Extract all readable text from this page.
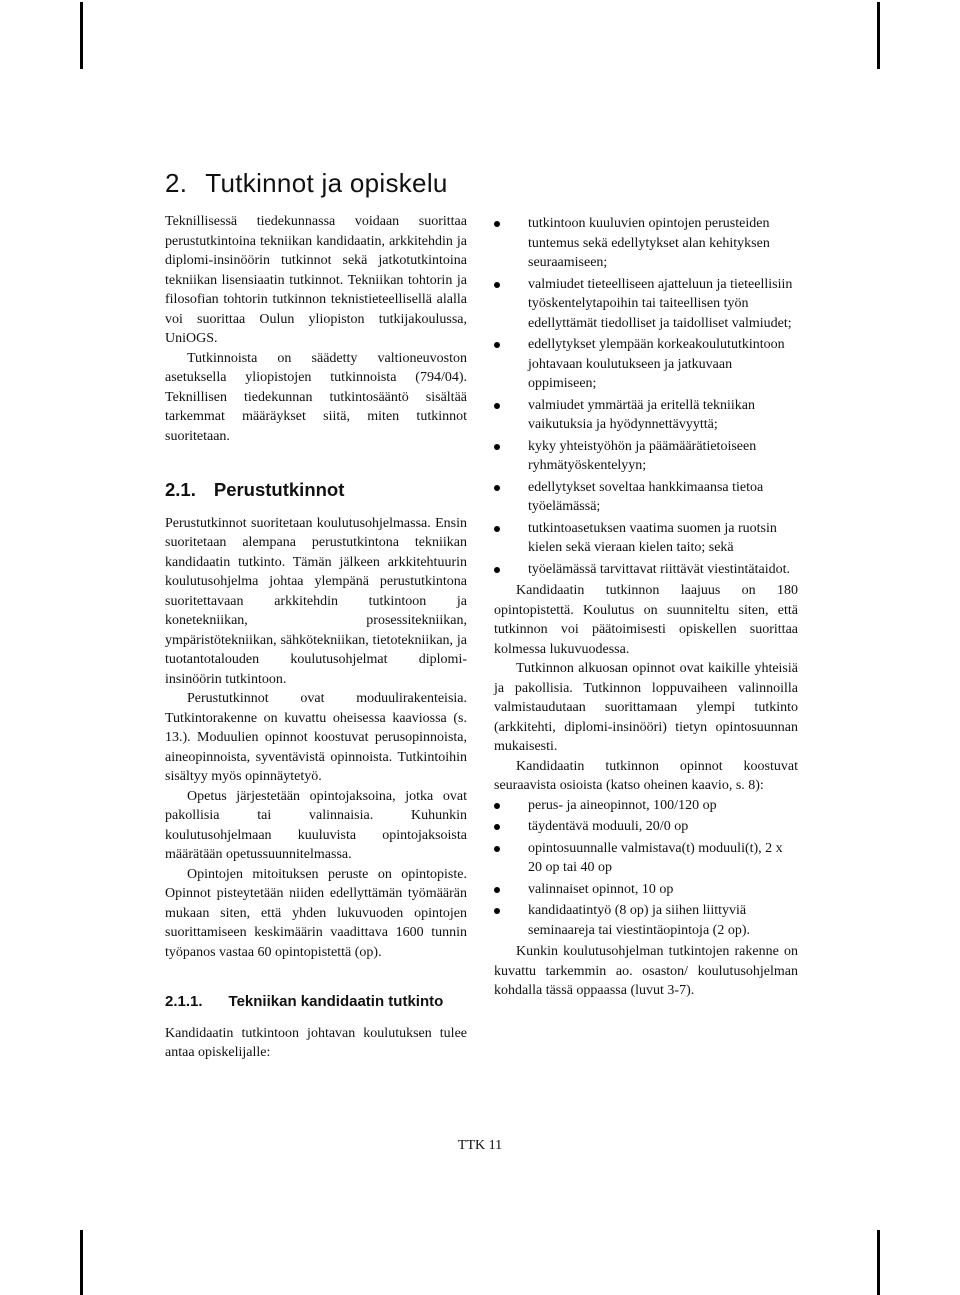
2. Tutkinnot ja opiskelu

Teknillisessä tiedekunnassa voidaan suorittaa perustutkintoina tekniikan kandidaatin, arkkitehdin ja diplomi-insinöörin tutkinnot sekä jatkotutkintoina tekniikan lisensiaatin tutkinnot. Tekniikan tohtorin ja filosofian tohtorin tutkinnon teknistieteellisellä alalla voi suorittaa Oulun yliopiston tutkijakoulussa, UniOGS.

Tutkinnoista on säädetty valtioneuvoston asetuksella yliopistojen tutkinnoista (794/04). Teknillisen tiedekunnan tutkintosääntö sisältää tarkemmat määräykset siitä, miten tutkinnot suoritetaan.

2.1. Perustutkinnot

Perustutkinnot suoritetaan koulutusohjelmassa. Ensin suoritetaan alempana perustutkintona tekniikan kandidaatin tutkinto. Tämän jälkeen arkkitehtuurin koulutusohjelma johtaa ylempänä perustutkintona suoritettavaan arkkitehdin tutkintoon ja konetekniikan, prosessitekniikan, ympäristötekniikan, sähkötekniikan, tietotekniikan, ja tuotantotalouden koulutusohjelmat diplomi-insinöörin tutkintoon.

Perustutkinnot ovat moduulirakenteisia. Tutkintorakenne on kuvattu oheisessa kaaviossa (s. 13.). Moduulien opinnot koostuvat perusopinnoista, aineopinnoista, syventävistä opinnoista. Tutkintoihin sisältyy myös opinnäytetyö.

Opetus järjestetään opintojaksoina, jotka ovat pakollisia tai valinnaisia. Kuhunkin koulutusohjelmaan kuuluvista opintojaksoista määrätään opetussuunnitelmassa.

Opintojen mitoituksen peruste on opintopiste. Opinnot pisteytetään niiden edellyttämän työmäärän mukaan siten, että yhden lukuvuoden opintojen suorittamiseen keskimäärin vaadittava 1600 tunnin työpanos vastaa 60 opintopistettä (op).

2.1.1. Tekniikan kandidaatin tutkinto

Kandidaatin tutkintoon johtavan koulutuksen tulee antaa opiskelijalle:

tutkintoon kuuluvien opintojen perusteiden tuntemus sekä edellytykset alan kehityksen seuraamiseen;
valmiudet tieteelliseen ajatteluun ja tieteellisiin työskentelytapoihin tai taiteellisen työn edellyttämät tiedolliset ja taidolliset valmiudet;
edellytykset ylempään korkeakoulututkintoon johtavaan koulutukseen ja jatkuvaan oppimiseen;
valmiudet ymmärtää ja eritellä tekniikan vaikutuksia ja hyödynnettävyyttä;
kyky yhteistyöhön ja päämäärätietoiseen ryhmätyöskentelyyn;
edellytykset soveltaa hankkimaansa tietoa työelämässä;
tutkintoasetuksen vaatima suomen ja ruotsin kielen sekä vieraan kielen taito; sekä
työelämässä tarvittavat riittävät viestintätaidot.

Kandidaatin tutkinnon laajuus on 180 opintopistettä. Koulutus on suunniteltu siten, että tutkinnon voi päätoimisesti opiskellen suorittaa kolmessa lukuvuodessa.

Tutkinnon alkuosan opinnot ovat kaikille yhteisiä ja pakollisia. Tutkinnon loppuvaiheen valinnoilla valmistaudutaan suorittamaan ylempi tutkinto (arkkitehti, diplomi-insinööri) tietyn opintosuunnan mukaisesti.

Kandidaatin tutkinnon opinnot koostuvat seuraavista osioista (katso oheinen kaavio, s. 8):

perus- ja aineopinnot, 100/120 op
täydentävä moduuli, 20/0 op
opintosuunnalle valmistava(t) moduuli(t), 2 x 20 op tai 40 op
valinnaiset opinnot, 10 op
kandidaatintyö (8 op) ja siihen liittyviä seminaareja tai viestintäopintoja (2 op).

Kunkin koulutusohjelman tutkintojen rakenne on kuvattu tarkemmin ao. osaston/ koulutusohjelman kohdalla tässä oppaassa (luvut 3-7).

TTK 11
